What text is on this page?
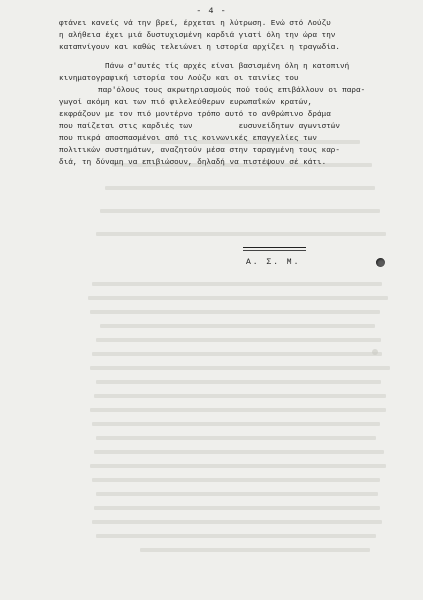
- 4 -
φτάνει κανείς νά την βρεί, έρχεται η λύτρωση. Ενώ στό Λούζυ
η αλήθεια έχει μιά δυστυχισμένη καρδιά γιατί όλη την ώρα την
καταπνίγουν και καθώς τελειώνει η ιστορία αρχίζει η τραγωδία.
Πάνω σ'αυτές τίς αρχές είναι βασισμένη όλη η κατοπινή
κινηματογραφική ιστορία του Λούζυ και οι ταινίες του
παρ'όλους τους ακρωτηριασμούς πού τούς επιβάλλουν οι παρα-
γωγοί ακόμη και των πιό φιλελεύθερων ευρωπαΐκών κρατών,
εκφράζουν με τον πιό μοντέρνο τρόπο αυτό το ανθρώπινο δράμα
που παίζεται στις καρδιές των          ευσυνείδητων αγωνιστών
που πικρά αποσπασμένοι από τις κοινωνικές επαγγελίες των
πολιτικών συστημάτων, αναζητούν μέσα στην ταραγμένη τους καρ-
διά, τη δύναμη να επιβιώσουν, δηλαδή να πιστέψουν σέ κάτι.
Α. Σ. Μ.
